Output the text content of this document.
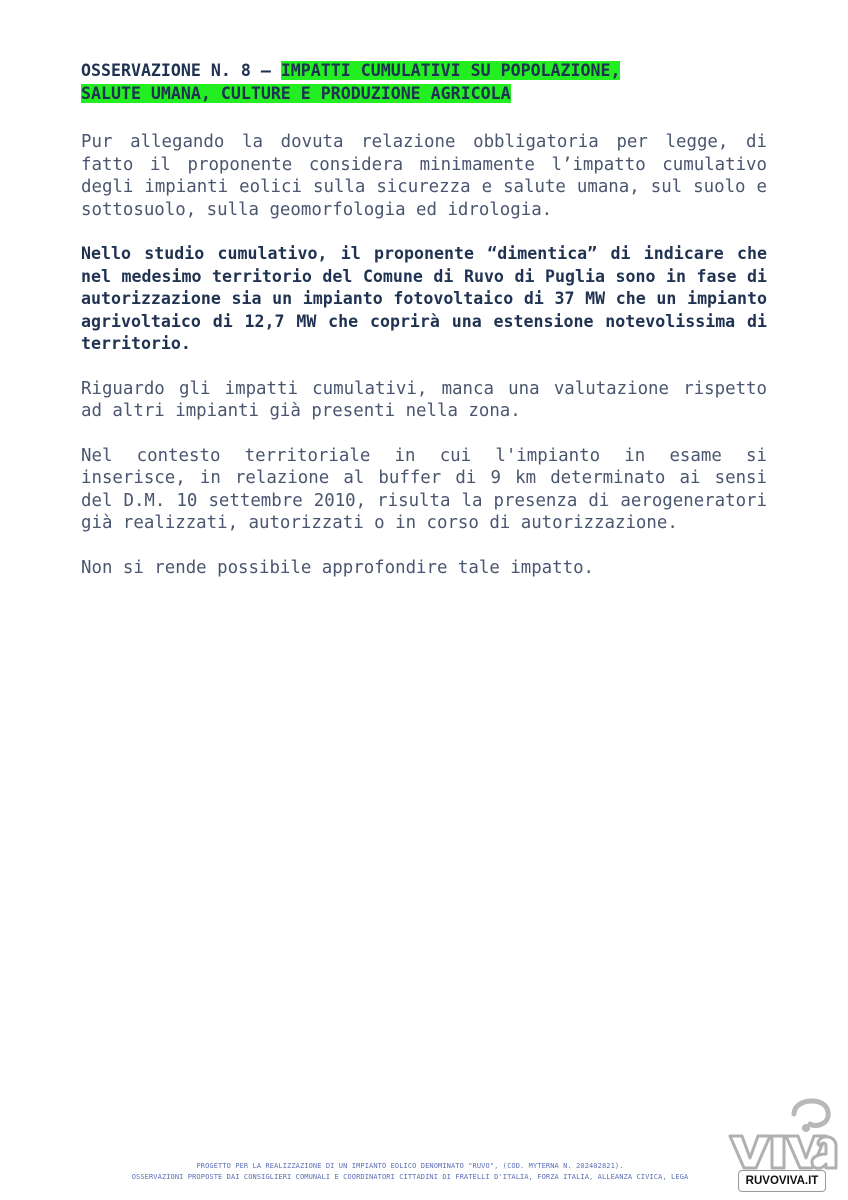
OSSERVAZIONE N. 8 – IMPATTI CUMULATIVI SU POPOLAZIONE,
SALUTE UMANA, CULTURE E PRODUZIONE AGRICOLA

Pur allegando la dovuta relazione obbligatoria per legge, di fatto il proponente considera minimamente l’impatto cumulativo degli impianti eolici sulla sicurezza e salute umana, sul suolo e sottosuolo, sulla geomorfologia ed idrologia.

Nello studio cumulativo, il proponente “dimentica” di indicare che nel medesimo territorio del Comune di Ruvo di Puglia sono in fase di autorizzazione sia un impianto fotovoltaico di 37 MW che un impianto agrivoltaico di 12,7 MW che coprirà una estensione notevolissima di territorio.

Riguardo gli impatti cumulativi, manca una valutazione rispetto ad altri impianti già presenti nella zona.

Nel contesto territoriale in cui l'impianto in esame si inserisce, in relazione al buffer di 9 km determinato ai sensi del D.M. 10 settembre 2010, risulta la presenza di aerogeneratori già realizzati, autorizzati o in corso di autorizzazione.

Non si rende possibile approfondire tale impatto.

PROGETTO PER LA REALIZZAZIONE DI UN IMPIANTO EOLICO DENOMINATO "RUVO", (COD. MYTERNA N. 202402821).
OSSERVAZIONI PROPOSTE DAI CONSIGLIERI COMUNALI E COORDINATORI CITTADINI DI FRATELLI D'ITALIA, FORZA ITALIA, ALLEANZA CIVICA, LEGA	RUVOVIVA.IT
